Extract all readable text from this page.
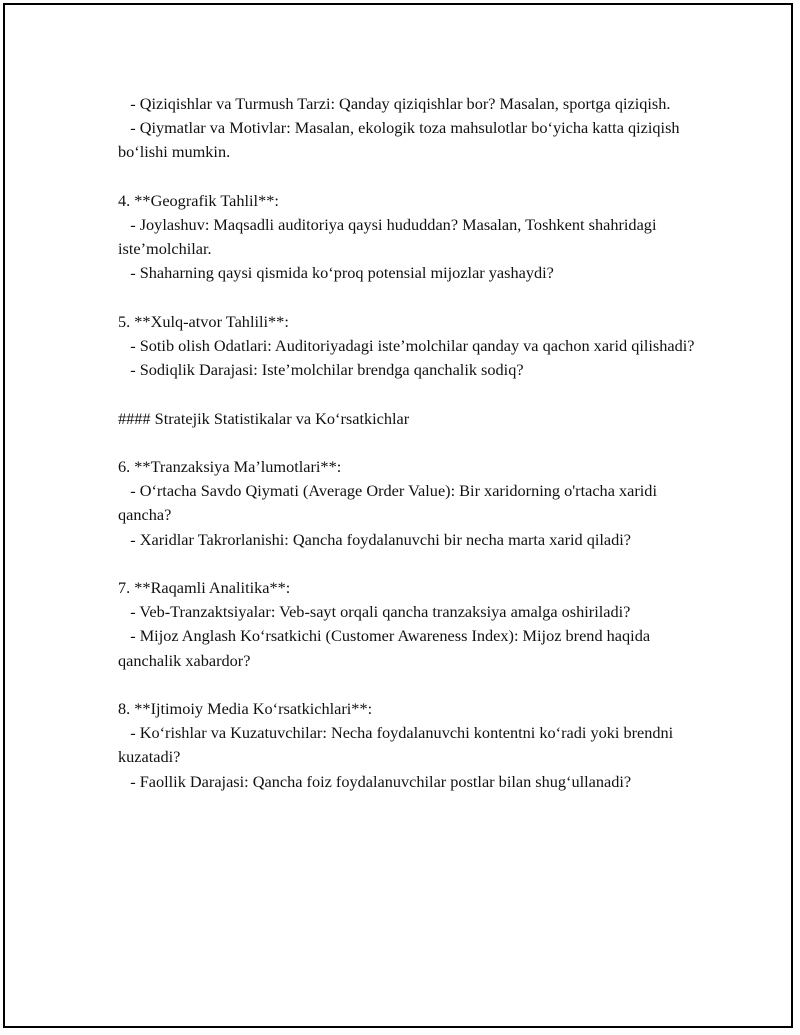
- Qiziqishlar va Turmush Tarzi: Qanday qiziqishlar bor? Masalan, sportga qiziqish.

- Qiymatlar va Motivlar: Masalan, ekologik toza mahsulotlar bo‘yicha katta qiziqish bo‘lishi mumkin.

4. **Geografik Tahlil**:

- Joylashuv: Maqsadli auditoriya qaysi hududdan? Masalan, Toshkent shahridagi iste’molchilar.

- Shaharning qaysi qismida ko‘proq potensial mijozlar yashaydi?

5. **Xulq-atvor Tahlili**:

- Sotib olish Odatlari: Auditoriyadagi iste’molchilar qanday va qachon xarid qilishadi?

- Sodiqlik Darajasi: Iste’molchilar brendga qanchalik sodiq?

#### Stratejik Statistikalar va Ko‘rsatkichlar

6. **Tranzaksiya Ma’lumotlari**:

- O‘rtacha Savdo Qiymati (Average Order Value): Bir xaridorning o'rtacha xaridi qancha?

- Xaridlar Takrorlanishi: Qancha foydalanuvchi bir necha marta xarid qiladi?

7. **Raqamli Analitika**:

- Veb-Tranzaktsiyalar: Veb-sayt orqali qancha tranzaksiya amalga oshiriladi?

- Mijoz Anglash Ko‘rsatkichi (Customer Awareness Index): Mijoz brend haqida qanchalik xabardor?

8. **Ijtimoiy Media Ko‘rsatkichlari**:

- Ko‘rishlar va Kuzatuvchilar: Necha foydalanuvchi kontentni ko‘radi yoki brendni kuzatadi?

- Faollik Darajasi: Qancha foiz foydalanuvchilar postlar bilan shug‘ullanadi?
